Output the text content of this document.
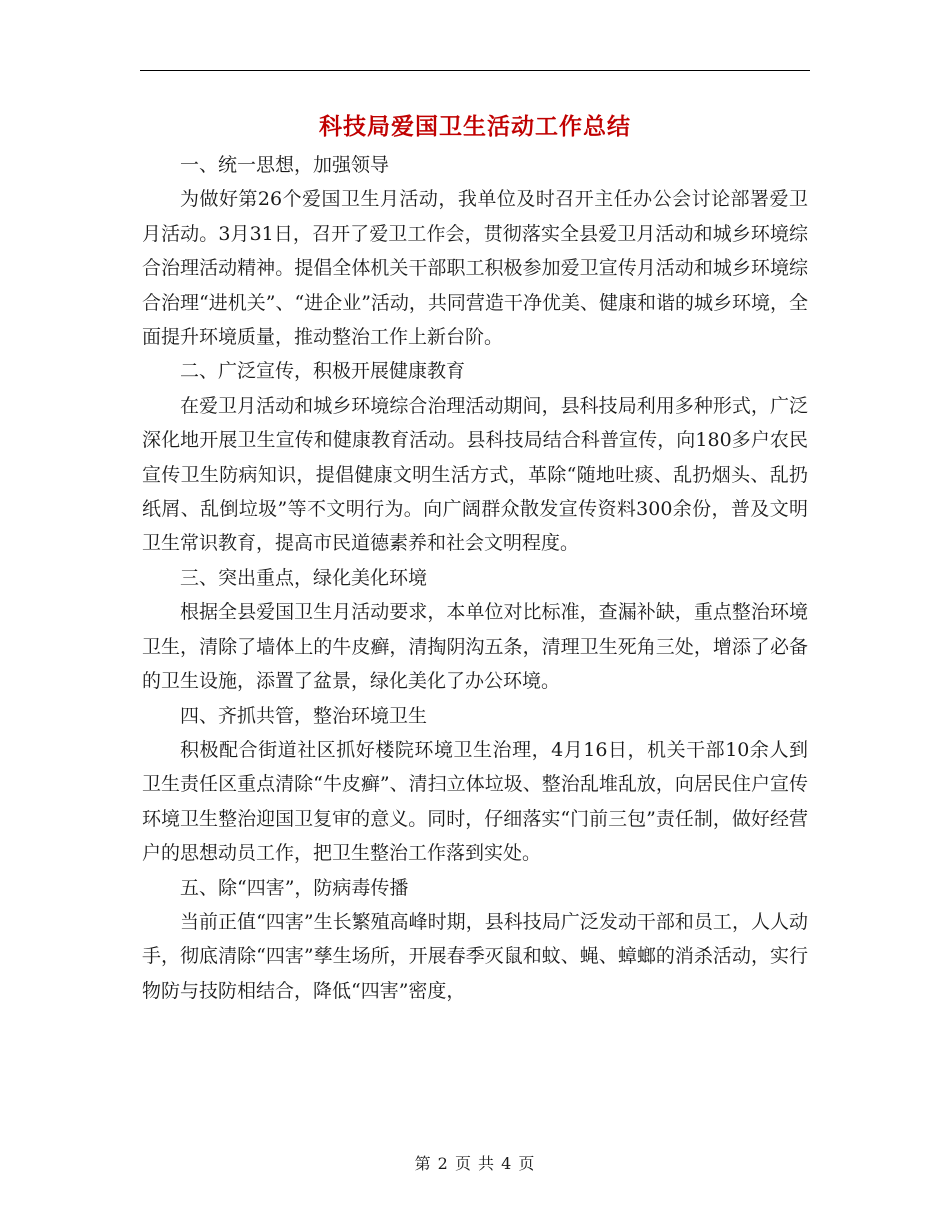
科技局爱国卫生活动工作总结

一、统一思想，加强领导

为做好第26个爱国卫生月活动，我单位及时召开主任办公会讨论部署爱卫月活动。3月31日，召开了爱卫工作会，贯彻落实全县爱卫月活动和城乡环境综合治理活动精神。提倡全体机关干部职工积极参加爱卫宣传月活动和城乡环境综合治理“进机关”、“进企业”活动，共同营造干净优美、健康和谐的城乡环境，全面提升环境质量，推动整治工作上新台阶。

二、广泛宣传，积极开展健康教育

在爱卫月活动和城乡环境综合治理活动期间，县科技局利用多种形式，广泛深化地开展卫生宣传和健康教育活动。县科技局结合科普宣传，向180多户农民宣传卫生防病知识，提倡健康文明生活方式，革除“随地吐痰、乱扔烟头、乱扔纸屑、乱倒垃圾”等不文明行为。向广阔群众散发宣传资料300余份，普及文明卫生常识教育，提高市民道德素养和社会文明程度。

三、突出重点，绿化美化环境

根据全县爱国卫生月活动要求，本单位对比标准，查漏补缺，重点整治环境卫生，清除了墙体上的牛皮癣，清掏阴沟五条，清理卫生死角三处，增添了必备的卫生设施，添置了盆景，绿化美化了办公环境。

四、齐抓共管，整治环境卫生

积极配合街道社区抓好楼院环境卫生治理，4月16日，机关干部10余人到卫生责任区重点清除“牛皮癣”、清扫立体垃圾、整治乱堆乱放，向居民住户宣传环境卫生整治迎国卫复审的意义。同时，仔细落实“门前三包”责任制，做好经营户的思想动员工作，把卫生整治工作落到实处。

五、除“四害”，防病毒传播

当前正值“四害”生长繁殖高峰时期，县科技局广泛发动干部和员工，人人动手，彻底清除“四害”孳生场所，开展春季灭鼠和蚊、蝇、蟑螂的消杀活动，实行物防与技防相结合，降低“四害”密度，

第 2 页 共 4 页
